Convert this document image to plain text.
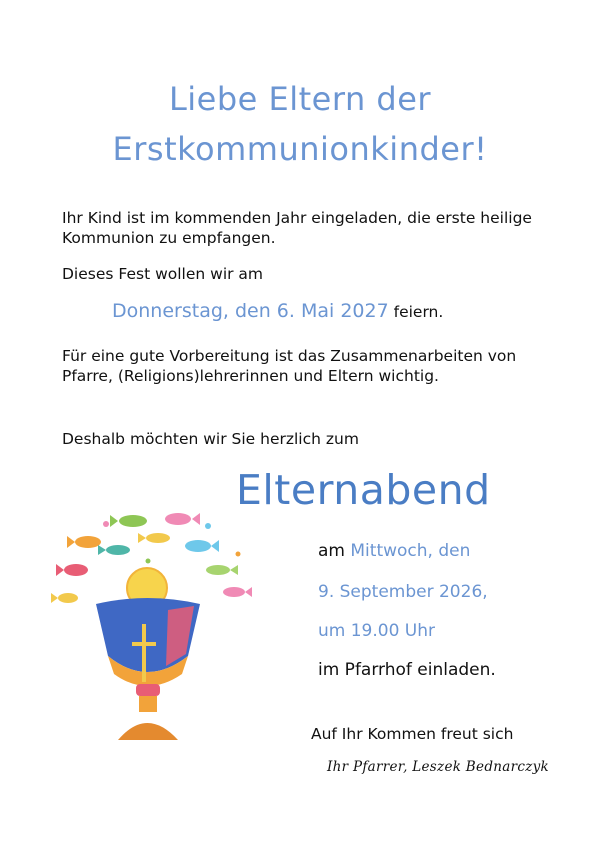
Liebe Eltern der
Erstkommunionkinder!

Ihr Kind ist im kommenden Jahr eingeladen, die erste heilige Kommunion zu empfangen.

Dieses Fest wollen wir am

Donnerstag, den 6. Mai 2027 feiern.

Für eine gute Vorbereitung ist das Zusammenarbeiten von Pfarre, (Religions)lehrerinnen und Eltern wichtig.

Deshalb möchten wir Sie herzlich zum

Elternabend

am Mittwoch, den

9. September 2026,

um 19.00 Uhr

im Pfarrhof einladen.

Auf Ihr Kommen freut sich

Ihr Pfarrer, Leszek Bednarczyk
